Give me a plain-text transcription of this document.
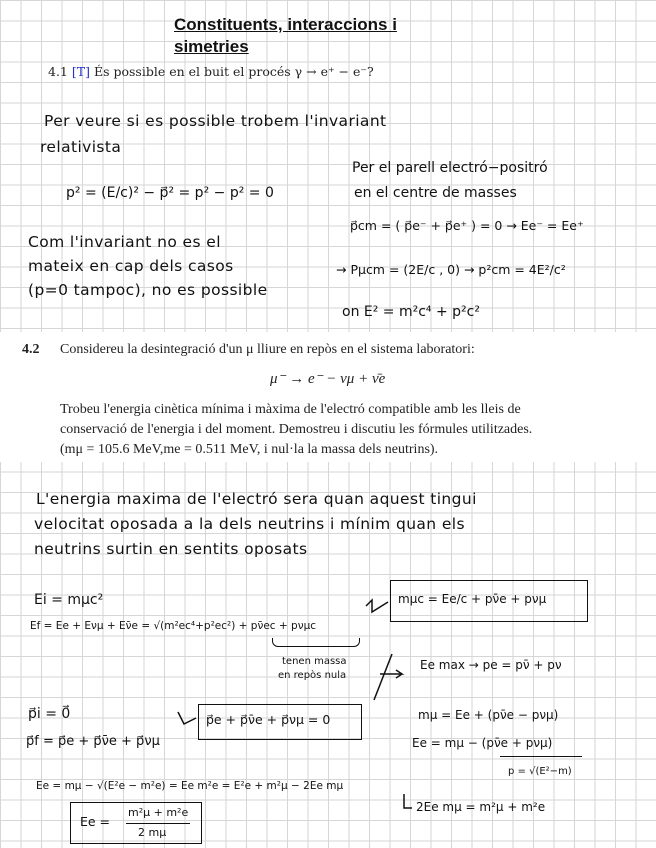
Constituents, interaccions i simetries
4.1 [T] És possible en el buit el procés γ → e⁺ − e⁻?
Per veure si es possible trobem l'invariant
relativista
p² = (E/c)² − p⃗² = p² − p² = 0
Per el parell electró−positró
en el centre de masses
p⃗cm = ( p⃗e⁻ + p⃗e⁺ ) = 0 → Ee⁻ = Ee⁺
Com l'invariant no es el
mateix en cap dels casos
(p=0 tampoc), no es possible
→ Pμcm = (2E/c , 0) → p²cm = 4E²/c²
on E² = m²c⁴ + p²c²
4.2 Considereu la desintegració d'un μ lliure en repòs en el sistema laboratori:
μ⁻ → e⁻ − νμ + ν̄e
Trobeu l'energia cinètica mínima i màxima de l'electró compatible amb les lleis de
conservació de l'energia i del moment. Demostreu i discutiu les fórmules utilitzades.
(mμ = 105.6 MeV,me = 0.511 MeV, i nul·la la massa dels neutrins).
L'energia maxima de l'electró sera quan aquest tingui
velocitat oposada a la dels neutrins i mínim quan els
neutrins surtin en sentits oposats
Ei = mμc²
Ef = Ee + Eνμ + Eν̄e = √(m²ec⁴+p²ec²) + pν̄ec + pνμc
mμc = Ee/c + pν̄e + pνμ
tenen massa
en repòs nula
Ee max → pe = pν̄ + pν
p⃗i = 0⃗
p⃗f = p⃗e + p⃗ν̄e + p⃗νμ
p⃗e + p⃗ν̄e + p⃗νμ = 0	mμ = Ee + (pν̄e − pνμ)
Ee = mμ − (pν̄e + pνμ)
p = √(E²−m)
Ee = mμ − √(E²e − m²e) = Ee m²e = E²e + m²μ − 2Ee mμ
2Ee mμ = m²μ + m²e
Ee =
m²μ + m²e
2 mμ
